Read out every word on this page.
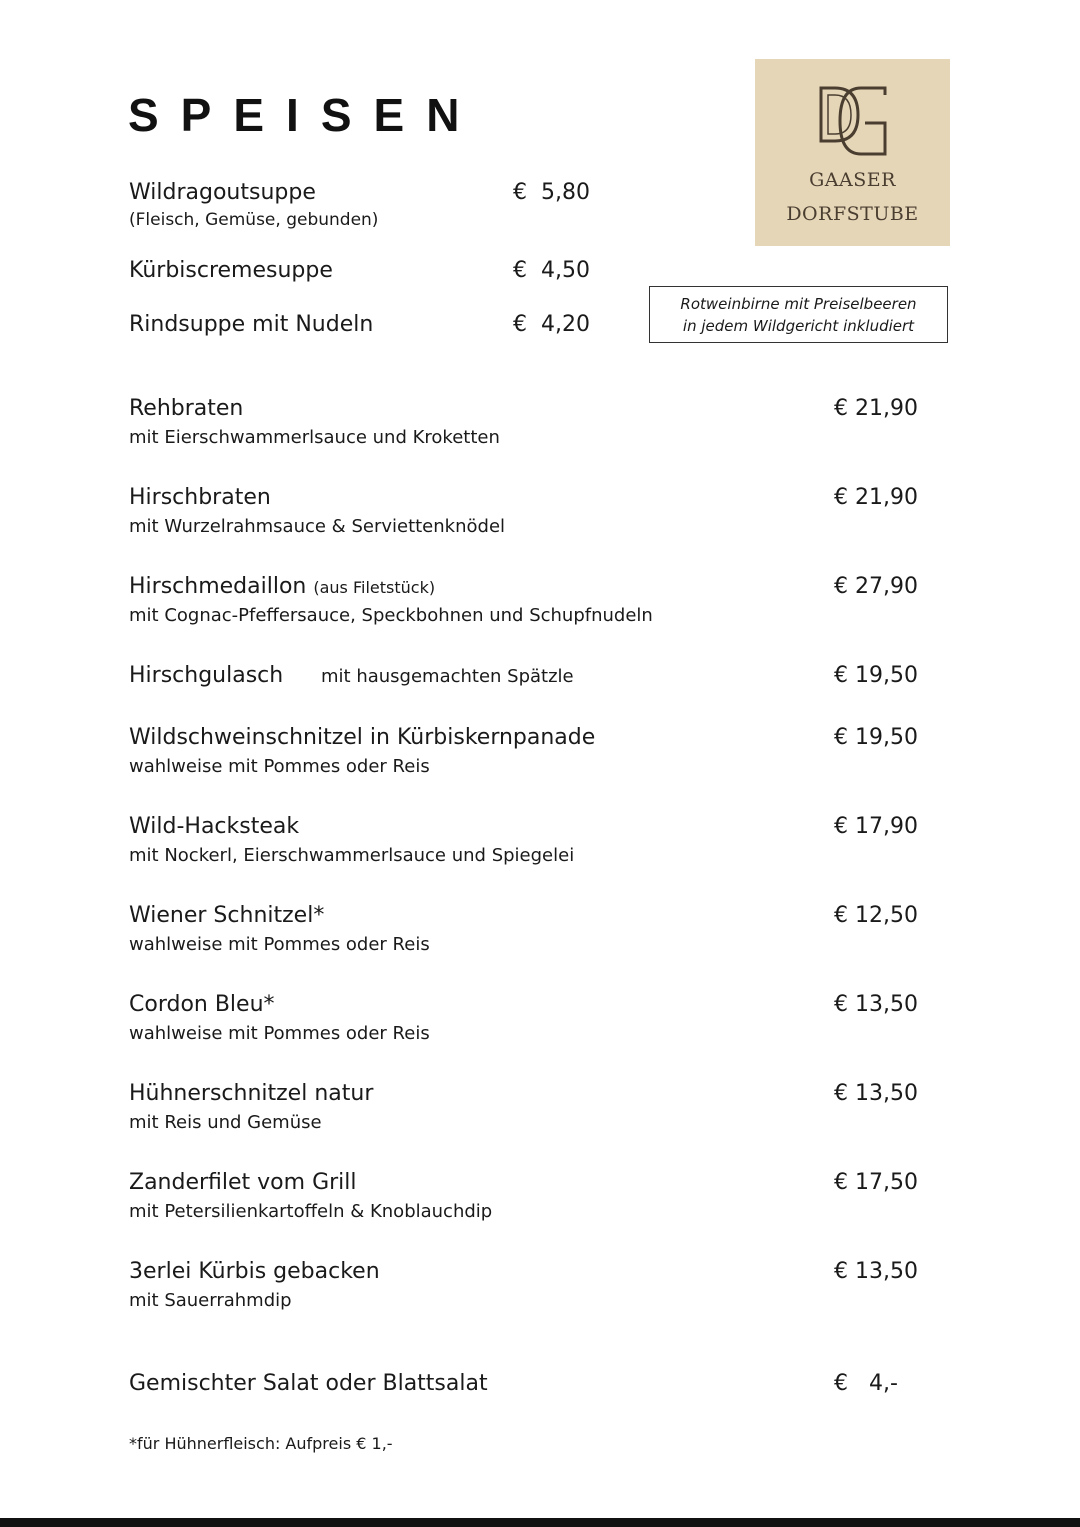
SPEISEN
GAASER
DORFSTUBE
Rotweinbirne mit Preiselbeeren
in jedem Wildgericht inkludiert
Wildragoutsuppe	€  5,80
(Fleisch, Gemüse, gebunden)
Kürbiscremesuppe	€  4,50
Rindsuppe mit Nudeln	€  4,20
Rehbraten	€ 21,90
mit Eierschwammerlsauce und Kroketten
Hirschbraten	€ 21,90
mit Wurzelrahmsauce & Serviettenknödel
Hirschmedaillon (aus Filetstück)	€ 27,90
mit Cognac-Pfeffersauce, Speckbohnen und Schupfnudeln
Hirschgulasch mit hausgemachten Spätzle	€ 19,50
Wildschweinschnitzel in Kürbiskernpanade	€ 19,50
wahlweise mit Pommes oder Reis
Wild-Hacksteak	€ 17,90
mit Nockerl, Eierschwammerlsauce und Spiegelei
Wiener Schnitzel*	€ 12,50
wahlweise mit Pommes oder Reis
Cordon Bleu*	€ 13,50
wahlweise mit Pommes oder Reis
Hühnerschnitzel natur	€ 13,50
mit Reis und Gemüse
Zanderfilet vom Grill	€ 17,50
mit Petersilienkartoffeln & Knoblauchdip
3erlei Kürbis gebacken	€ 13,50
mit Sauerrahmdip
Gemischter Salat oder Blattsalat	€   4,-
*für Hühnerfleisch: Aufpreis € 1,-
